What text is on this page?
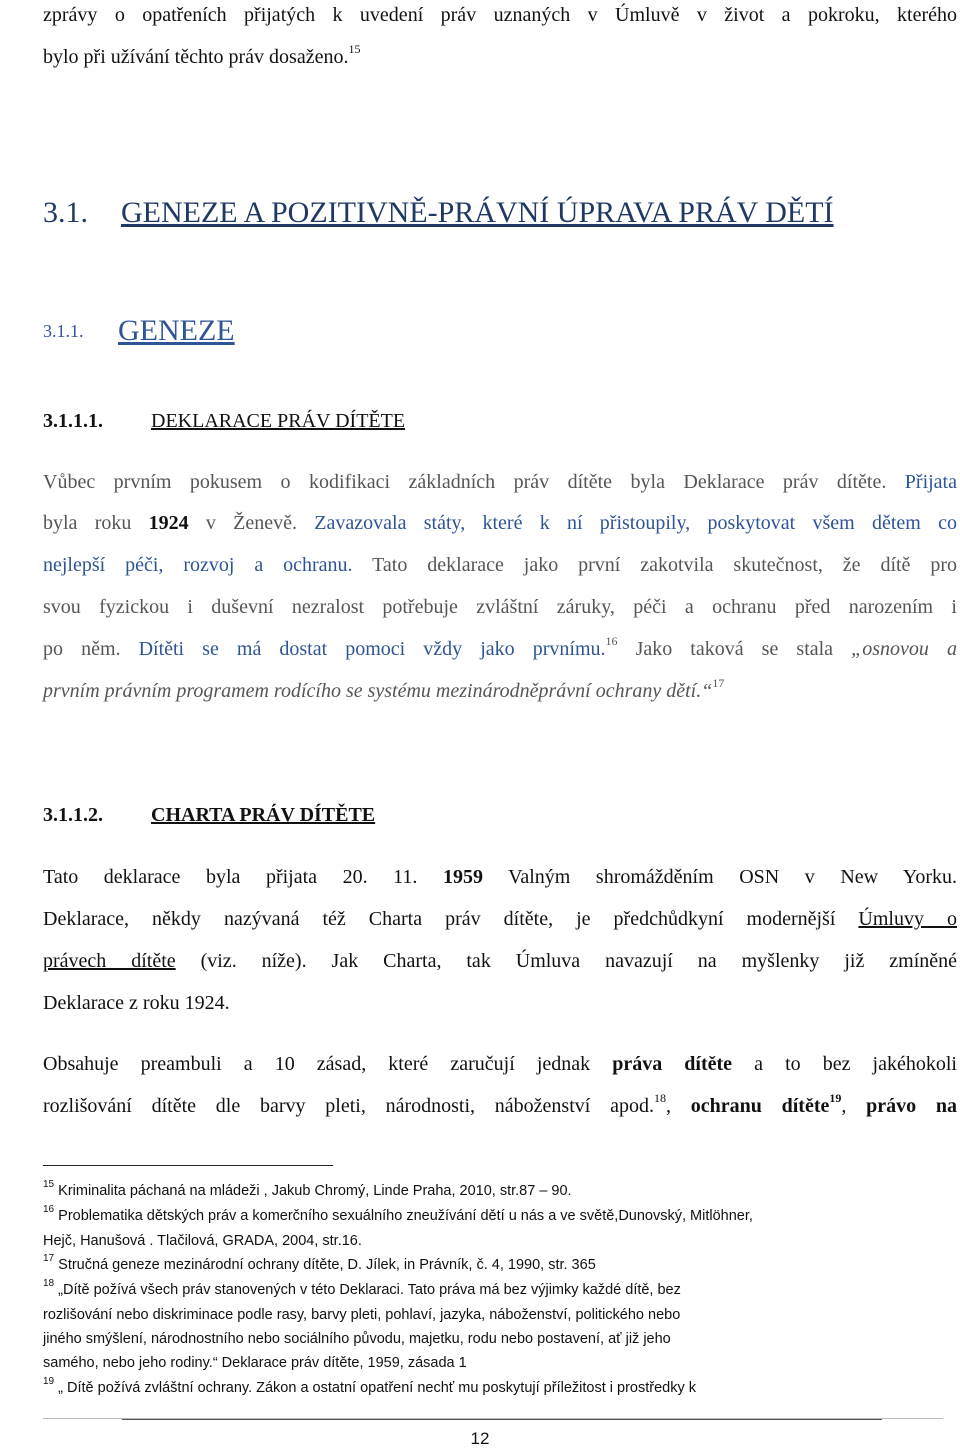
zprávy o opatřeních přijatých k uvedení práv uznaných v Úmluvě v život a pokroku, kterého
bylo při užívání těchto práv dosaženo.$^{15}$
3.1. GENEZE A POZITIVNĚ-PRÁVNÍ ÚPRAVA PRÁV DĚTÍ
3.1.1. GENEZE
3.1.1.1. DEKLARACE PRÁV DÍTĚTE
Vůbec prvním pokusem o kodifikaci základních práv dítěte byla Deklarace práv dítěte. Přijata
byla roku 1924 v Ženevě. Zavazovala státy, které k ní přistoupily, poskytovat všem dětem co
nejlepší péči, rozvoj a ochranu. Tato deklarace jako první zakotvila skutečnost, že dítě pro
svou fyzickou i duševní nezralost potřebuje zvláštní záruky, péči a ochranu před narozením i
po něm. Dítěti se má dostat pomoci vždy jako prvnímu.$^{16}$ Jako taková se stala „osnovou a
prvním právním programem rodícího se systému mezinárodněprávní ochrany dětí.“$^{17}$
3.1.1.2. CHARTA PRÁV DÍTĚTE
Tato deklarace byla přijata 20. 11. 1959 Valným shromážděním OSN v New Yorku.
Deklarace, někdy nazývaná též Charta práv dítěte, je předchůdkyní modernější Úmluvy o
právech dítěte (viz. níže). Jak Charta, tak Úmluva navazují na myšlenky již zmíněné
Deklarace z roku 1924.
Obsahuje preambuli a 10 zásad, které zaručují jednak práva dítěte a to bez jakéhokoli
rozlišování dítěte dle barvy pleti, národnosti, náboženství apod.$^{18}$, ochranu dítěte$^{19}$, právo na
$^{15}$ Kriminalita páchaná na mládeži , Jakub Chromý, Linde Praha, 2010, str.87 – 90.
$^{16}$ Problematika dětských práv a komerčního sexuálního zneužívání dětí u nás a ve světě,Dunovský, Mitlöhner,
Hejč, Hanušová . Tlačilová, GRADA, 2004, str.16.
$^{17}$ Stručná geneze mezinárodní ochrany dítěte, D. Jílek, in Právník, č. 4, 1990, str. 365
$^{18}$ „Dítě požívá všech práv stanovených v této Deklaraci. Tato práva má bez výjimky každé dítě, bez
rozlišování nebo diskriminace podle rasy, barvy pleti, pohlaví, jazyka, náboženství, politického nebo
jiného smýšlení, národnostního nebo sociálního původu, majetku, rodu nebo postavení, ať již jeho
samého, nebo jeho rodiny.“ Deklarace práv dítěte, 1959, zásada 1
$^{19}$ „ Dítě požívá zvláštní ochrany. Zákon a ostatní opatření nechť mu poskytují příležitost i prostředky k
12
